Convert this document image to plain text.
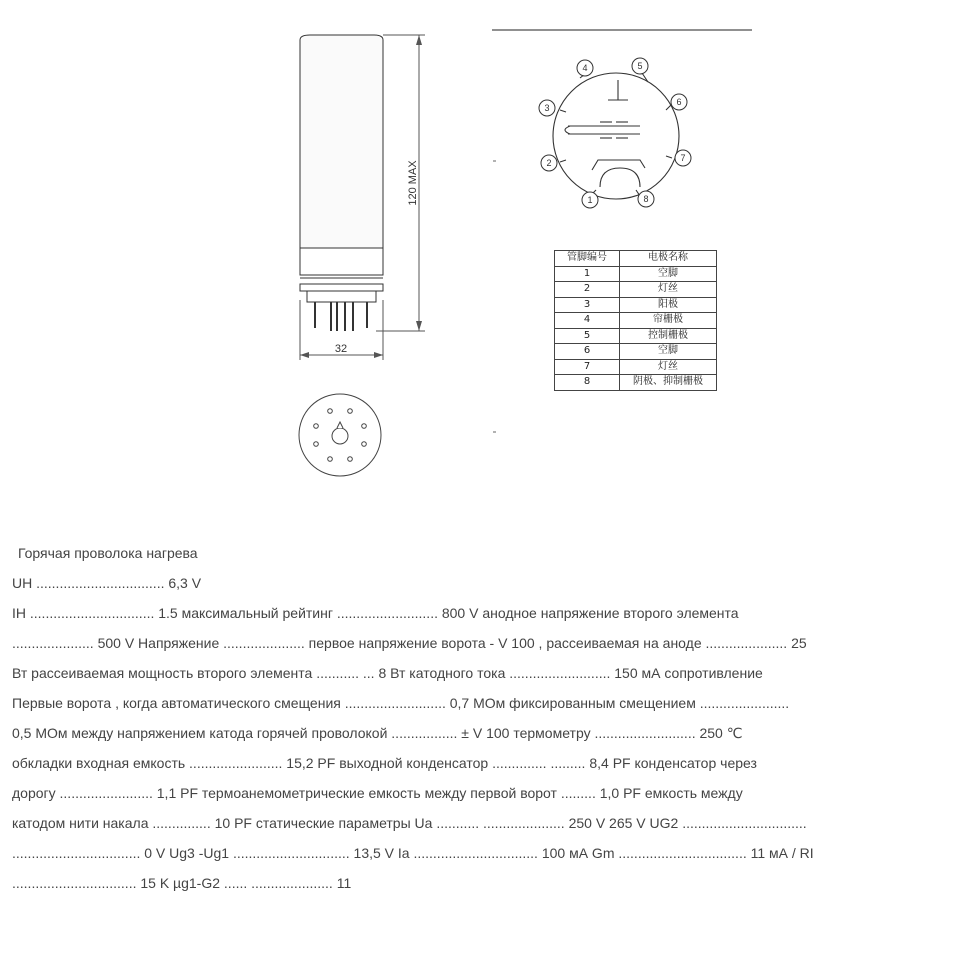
120 MAX
32
1
2
3
4	5
6
7
8
管脚编号	电极名称
1	空脚
2	灯丝
3	阳极
4	帘栅极
5	控制栅极
6	空脚
7	灯丝
8	阴极、抑制栅极
Горячая проволока нагрева
UH ................................. 6,3 V
IH ................................ 1.5 максимальный рейтинг .......................... 800 V анодное напряжение второго элемента
..................... 500 V Напряжение ..................... первое напряжение ворота - V 100 , рассеиваемая на аноде ..................... 25
Вт рассеиваемая мощность второго элемента ........... ... 8 Вт катодного тока .......................... 150 мА сопротивление
Первые ворота , когда автоматического смещения .......................... 0,7 МОм фиксированным смещением .......................
0,5 МОм между напряжением катода горячей проволокой ................. ± V 100 термометру .......................... 250 ℃
обкладки входная емкость ........................ 15,2 PF выходной конденсатор .............. ......... 8,4 PF конденсатор через
дорогу ........................ 1,1 PF термоанемометрические емкость между первой ворот ......... 1,0 PF емкость между
катодом нити накала ............... 10 PF статические параметры Ua ........... ..................... 250 V 265 V UG2 ................................
................................. 0 V Ug3 -Ug1 .............................. 13,5 V Ia ................................ 100 мА Gm ................................. 11 мА / RI
................................ 15 K µg1-G2 ...... ..................... 11
